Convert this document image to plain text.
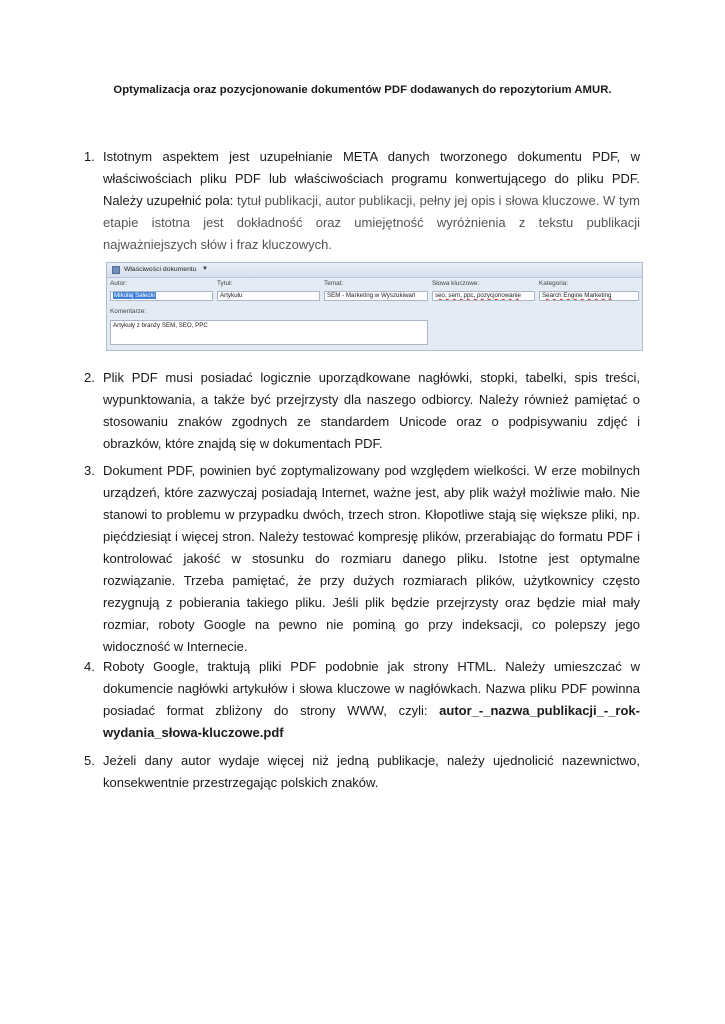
Optymalizacja oraz pozycjonowanie dokumentów PDF dodawanych do repozytorium AMUR.
1. Istotnym aspektem jest uzupełnianie META danych tworzonego dokumentu PDF, w właściwościach pliku PDF lub właściwościach programu konwertującego do pliku PDF. Należy uzupełnić pola: tytuł publikacji, autor publikacji, pełny jej opis i słowa kluczowe. W tym etapie istotna jest dokładność oraz umiejętność wyróżnienia z tekstu publikacji najważniejszych słów i fraz kluczowych.
Właściwości dokumentu ▼
Autor:
Mikołaj Sałecki
Tytuł:
Artykułu
Temat:
SEM - Marketing w Wyszukiwarl
Słowa kluczowe:
seo, sem, ppc, pozycjonowanie
Kategoria:
Search Engine Marketing
Komentarze:
Artykuły z branży SEM, SEO, PPC
2. Plik PDF musi posiadać logicznie uporządkowane nagłówki, stopki, tabelki, spis treści, wypunktowania, a także być przejrzysty dla naszego odbiorcy. Należy również pamiętać o stosowaniu znaków zgodnych ze standardem Unicode oraz o podpisywaniu zdjęć i obrazków, które znajdą się w dokumentach PDF.
3. Dokument PDF, powinien być zoptymalizowany pod względem wielkości. W erze mobilnych urządzeń, które zazwyczaj posiadają Internet, ważne jest, aby plik ważył możliwie mało. Nie stanowi to problemu w przypadku dwóch, trzech stron. Kłopotliwe stają się większe pliki, np. pięćdziesiąt i więcej stron. Należy testować kompresję plików, przerabiając do formatu PDF i kontrolować jakość w stosunku do rozmiaru danego pliku. Istotne jest optymalne rozwiązanie. Trzeba pamiętać, że przy dużych rozmiarach plików, użytkownicy często rezygnują z pobierania takiego pliku. Jeśli plik będzie przejrzysty oraz będzie miał mały rozmiar, roboty Google na pewno nie pominą go przy indeksacji, co polepszy jego widoczność w Internecie.
4. Roboty Google, traktują pliki PDF podobnie jak strony HTML. Należy umieszczać w dokumencie nagłówki artykułów i słowa kluczowe w nagłówkach. Nazwa pliku PDF powinna posiadać format zbliżony do strony WWW, czyli: autor_-_nazwa_publikacji_-_rok-wydania_słowa-kluczowe.pdf
5. Jeżeli dany autor wydaje więcej niż jedną publikacje, należy ujednolicić nazewnictwo, konsekwentnie przestrzegając polskich znaków.
